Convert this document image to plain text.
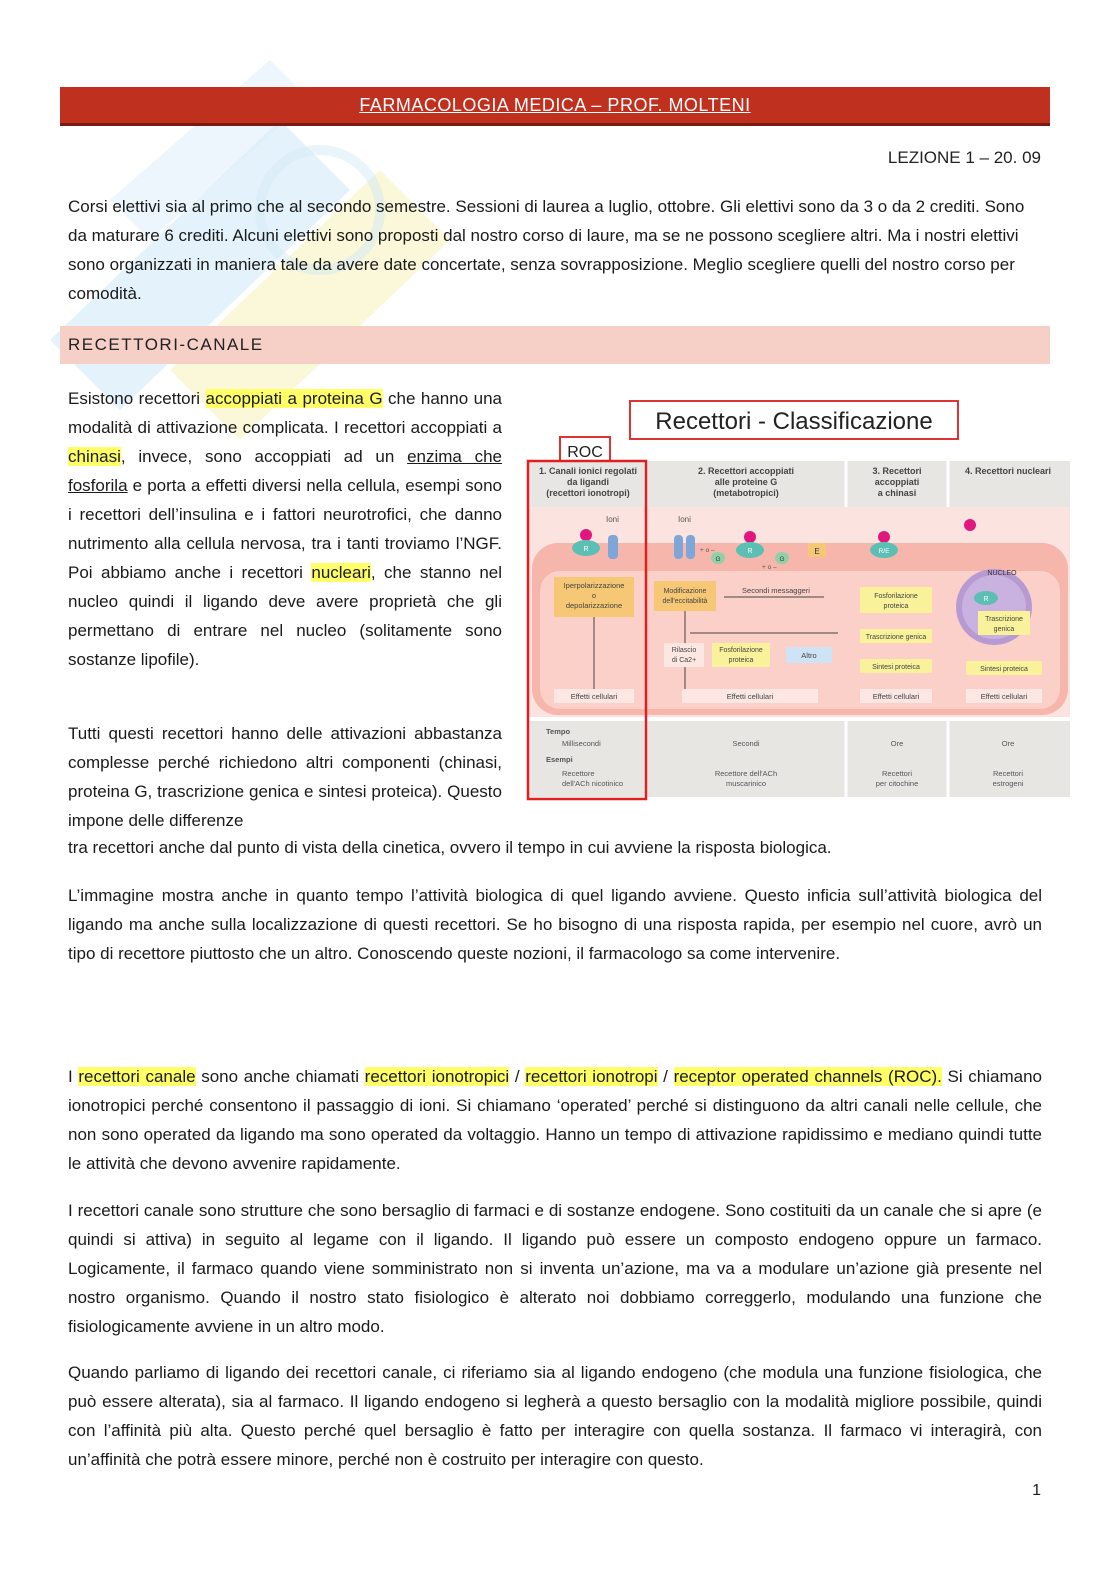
FARMACOLOGIA MEDICA – PROF. MOLTENI
LEZIONE 1 – 20. 09
Corsi elettivi sia al primo che al secondo semestre. Sessioni di laurea a luglio, ottobre. Gli elettivi sono da 3 o da 2 crediti. Sono da maturare 6 crediti. Alcuni elettivi sono proposti dal nostro corso di laure, ma se ne possono scegliere altri. Ma i nostri elettivi sono organizzati in maniera tale da avere date concertate, senza sovrapposizione. Meglio scegliere quelli del nostro corso per comodità.
RECETTORI-CANALE
Esistono recettori accoppiati a proteina G che hanno una modalità di attivazione complicata. I recettori accoppiati a chinasi, invece, sono accoppiati ad un enzima che fosforila e porta a effetti diversi nella cellula, esempi sono i recettori dell’insulina e i fattori neurotrofici, che danno nutrimento alla cellula nervosa, tra i tanti troviamo l’NGF. Poi abbiamo anche i recettori nucleari, che stanno nel nucleo quindi il ligando deve avere proprietà che gli permettano di entrare nel nucleo (solitamente sono sostanze lipofile).
Tutti questi recettori hanno delle attivazioni abbastanza complesse perché richiedono altri componenti (chinasi, proteina G, trascrizione genica e sintesi proteica). Questo impone delle differenze
tra recettori anche dal punto di vista della cinetica, ovvero il tempo in cui avviene la risposta biologica.
L’immagine mostra anche in quanto tempo l’attività biologica di quel ligando avviene. Questo inficia sull’attività biologica del ligando ma anche sulla localizzazione di questi recettori. Se ho bisogno di una risposta rapida, per esempio nel cuore, avrò un tipo di recettore piuttosto che un altro. Conoscendo queste nozioni, il farmacologo sa come intervenire.
I recettori canale sono anche chiamati recettori ionotropici / recettori ionotropi / receptor operated channels (ROC). Si chiamano ionotropici perché consentono il passaggio di ioni. Si chiamano ‘operated’ perché si distinguono da altri canali nelle cellule, che non sono operated da ligando ma sono operated da voltaggio. Hanno un tempo di attivazione rapidissimo e mediano quindi tutte le attività che devono avvenire rapidamente.
I recettori canale sono strutture che sono bersaglio di farmaci e di sostanze endogene. Sono costituiti da un canale che si apre (e quindi si attiva) in seguito al legame con il ligando. Il ligando può essere un composto endogeno oppure un farmaco. Logicamente, il farmaco quando viene somministrato non si inventa un’azione, ma va a modulare un’azione già presente nel nostro organismo. Quando il nostro stato fisiologico è alterato noi dobbiamo correggerlo, modulando una funzione che fisiologicamente avviene in un altro modo.
Quando parliamo di ligando dei recettori canale, ci riferiamo sia al ligando endogeno (che modula una funzione fisiologica, che può essere alterata), sia al farmaco. Il ligando endogeno si legherà a questo bersaglio con la modalità migliore possibile, quindi con l’affinità più alta. Questo perché quel bersaglio è fatto per interagire con quella sostanza. Il farmaco vi interagirà, con un’affinità che potrà essere minore, perché non è costruito per interagire con questo.
1
Recettori - Classificazione
ROC
1. Canali ionici regolati
da ligandi
(recettori ionotropi)
2. Recettori accoppiati
alle proteine G
(metabotropici)
3. Recettori
accoppiati
a chinasi
4. Recettori nucleari
Ioni
R
Iperpolarizzazione
o
depolarizzazione
Effetti cellulari
Ioni
+ o –
G
R
G
+ o –
E
Modificazione
dell'eccitabilità
Secondi messaggeri
Rilascio
di Ca2+
Fosforilazione
proteica
Altro
Effetti cellulari
R/E
Fosforilazione
proteica
Trascrizione genica
Sintesi proteica
Effetti cellulari
NUCLEO
R
Trascrizione
genica
Sintesi proteica
Effetti cellulari
Tempo
Millisecondi
Esempi
Recettore
dell'ACh nicotinico
Secondi
Recettore dell'ACh
muscarinico
Ore
Recettori
per citochine
Ore
Recettori
estrogeni
